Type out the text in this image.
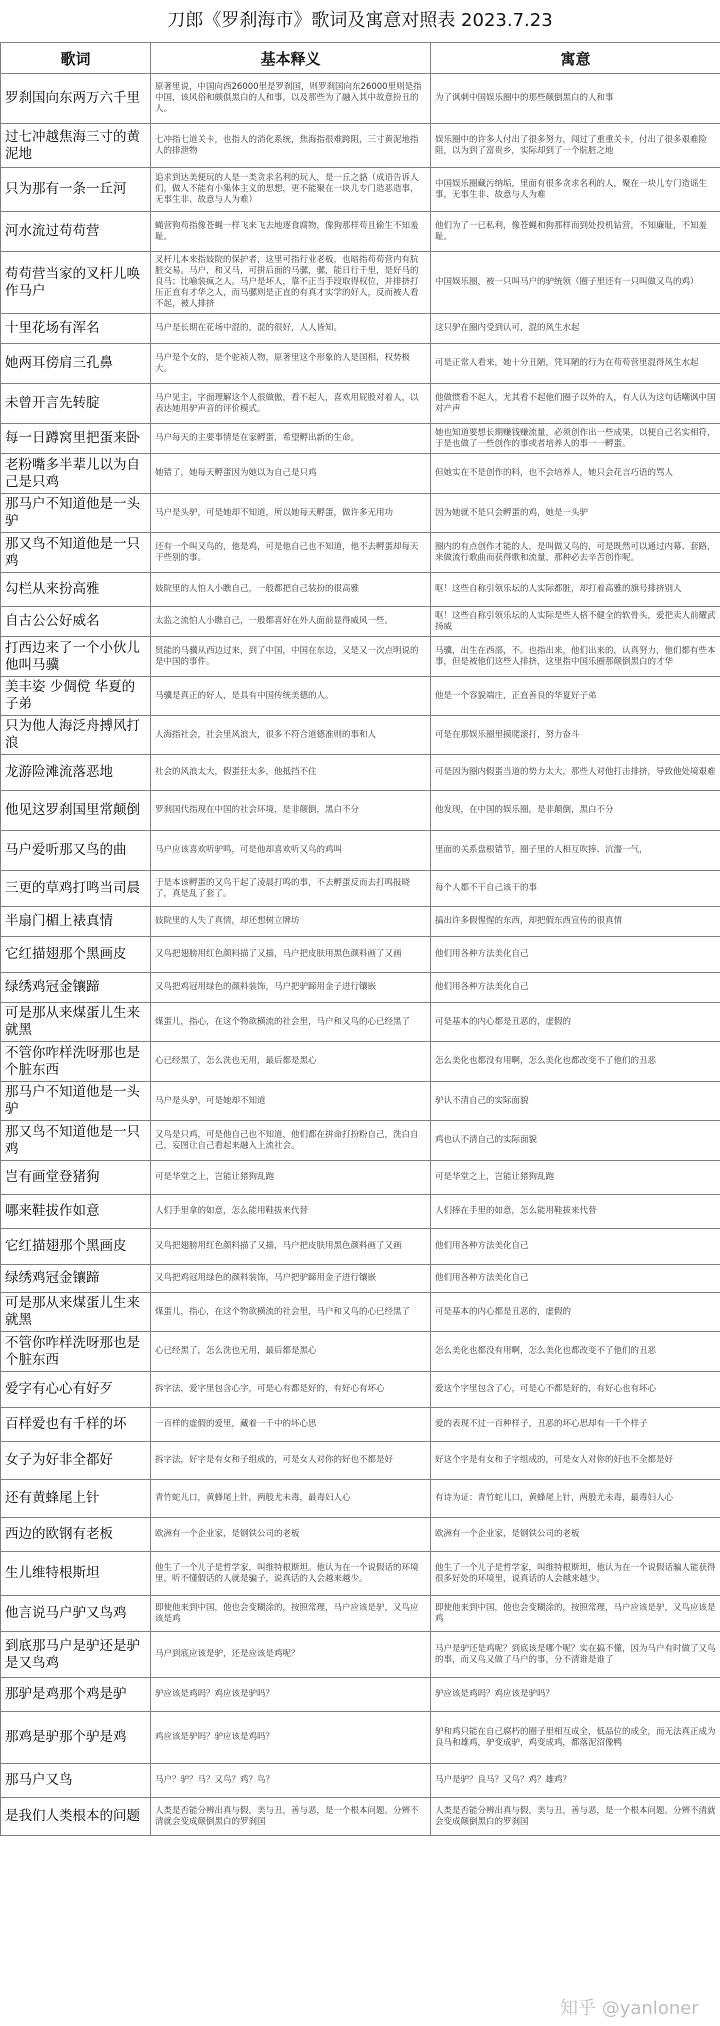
刀郎《罗刹海市》歌词及寓意对照表 2023.7.23
歌词	基本释义	寓意
罗刹国向东两万六千里	原著里说，中国向西26000里是罗刹国，则罗刹国向东26000里则是指中国，该风俗和颇俱黑白的人和事，以及那些为了融入其中故意扮丑的人。	为了讽刺中国娱乐圈中的那些颠倒黑白的人和事
过七冲越焦海三寸的黄泥地	七冲指七道关卡，也指人的消化系统，焦海指很难跨阻，三寸黄泥地指人的排泄物	娱乐圈中的许多人付出了很多努力，闯过了重重关卡，付出了很多艰难险阻，以为到了富贵乡，实际却到了一个肮脏之地
只为那有一条一丘河	追求到达美便玩的人是一类贪求名利的玩人，是一丘之貉（成语告诉人们，做人不能有小集体主义的思想，更不能聚在一块儿专门造恶造事，无事生非、故意与人为难）	中国娱乐圈藏污纳垢，里面有很多贪求名利的人，聚在一块儿专门造谣生事，无事生非、故意与人为难
河水流过苟苟营	蝇营狗苟指像苍蝇一样飞来飞去地逐食腐物，像狗那样苟且偷生不知羞耻。	他们为了一已私利，像苍蝇和狗那样而到处投机钻营，不知廉耻，不知羞耻。
苟苟营当家的叉杆儿唤作马户	叉杆儿本来指妓院的保护者，这里可指行业老板，也暗指苟苟营内有肮脏交易。马户，和又马，可拼后面的马骡，骡，能日行千里，是好马的良马；比喻装疯之人。马户是坏人，靠不正当手段取得权位，并排挤打压正直有才华之人，而马骡则是正直的有真才实学的好人，反而被人看不起，被人排挤	中国娱乐圈，被一只叫马户的驴统领（圈子里还有一只叫做又鸟的鸡）
十里花场有浑名	马户是长期在花场中混的，混的很好，人人皆知。	这只驴在圈内受到认可，混的风生水起
她两耳傍肩三孔鼻	马户是个女的，是个驼祯人物，原著里这个形象的人是国相，权势极大。	可是正常人看来，她十分丑陋，凭耳陋的行为在苟苟营里混得风生水起
未曾开言先转腚	马户见主，字面理解这个人很做傲，看不起人，喜欢用屁股对着人，以表达她用驴声音的评价模式。	他做惯看不起人，尤其看不起他们圈子以外的人，有人认为这句话嘲讽中国对产声
每一日蹲窝里把蛋来卧	马户每天的主要事情是在家孵蛋，希望孵出新的生命。	她也知道要想长期赚钱赚流量，必须创作出一些成果，以便自己名实相符，于是也做了一些创作的事或者培养人的事一一孵蛋。
老粉嘴多半辈儿以为自己是只鸡	她错了，她每天孵蛋因为她以为自己是只鸡	但她实在不是创作的料，也不会培养人，她只会花言巧语的骂人
那马户不知道他是一头驴	马户是头驴，可是她却不知道，所以她每天孵蛋，做许多无用功	因为她就不是只会孵蛋的鸡，她是一头驴
那又鸟不知道他是一只鸡	还有一个叫又鸟的，他是鸡，可是他自己也不知道，他不去孵蛋却每天干些别的事。	圈内的有点创作才能的人，是叫做又鸟的，可是既然可以通过内幕、套路，来做流行歌曲而获得歌和流量，那种必去辛苦创作呢。
勾栏从来扮高雅	妓院里的人怕人小瞧自己，一般都把自己装扮的很高雅	呕！这些自称引领乐坛的人实际都脏，却打着高雅的旗号排挤别人
自古公公好威名	太监之流怕人小瞧自己，一般都喜好在外人面前显得威风一些。	呕！这些自称引领乐坛的人实际是些人格不健全的软骨头，爱把卖人前耀武扬威
打西边来了一个小伙儿他叫马骥	贤能的马骥从西边过来，到了中国，中国在东边，又是又一次点明说的是中国的事件。	马骥，出生在西部，不。也指出来，他们出来的，认真努力，他们都有些本事，但是被他们这些人排挤，这里指中国乐圈那颠倒黑白的才华
美丰姿 少倜傥 华夏的子弟	马骥是真正的好人，是具有中国传统美德的人。	他是一个容貌端庄，正直善良的华夏好子弟
只为他人海泛舟搏风打浪	人海指社会，社会里风浪大，很多不符合道德准则的事和人	可是在那娱乐圈里摸爬滚打，努力奋斗
龙游险滩流落恶地	社会的风浪太大，假蛋狂太多，他抵挡不住	可是因为圈内假蛋当道的势力太大，那些人对他打击排挤，导致他处境艰难
他见这罗刹国里常颠倒	罗刹国代指现在中国的社会环境，是非颠倒，黑白不分	他发现，在中国的娱乐圈，是非颠倒，黑白不分
马户爱听那又鸟的曲	马户应该喜欢听驴鸣，可是他却喜欢听又鸟的鸡叫	里面的关系盘根错节，圈子里的人相互吹捧、沆瀣一气，
三更的草鸡打鸣当司晨	于是本该孵蛋的又鸟干起了凌晨打鸣的事，不去孵蛋反而去打鸣报晓了，真是乱了套了。	每个人都不干自己该干的事
半扇门楣上裱真情	妓院里的人失了真情，却还想树立牌坊	搞出许多假惺惺的东西，却把假东西宣传的很真情
它红描翅那个黑画皮	又鸟把翅膀用红色颜料描了又描，马户把皮肤用黑色颜料画了又画	他们用各种方法美化自己
绿绣鸡冠金镶蹄	又鸟把鸡冠用绿色的颜料装饰，马户把驴蹄用金子进行镶嵌	他们用各种方法美化自己
可是那从来煤蛋儿生来就黑	煤蛋儿，指心，在这个物欲横流的社会里，马户和又鸟的心已经黑了	可是基本的内心都是丑恶的，虚假的
不管你咋样洗呀那也是个脏东西	心已经黑了，怎么洗也无用，最后都是黑心	怎么美化也都没有用啊，怎么美化也都改变不了他们的丑恶
那马户不知道他是一头驴	马户是头驴，可是她却不知道	驴认不清自己的实际面貌
那又鸟不知道他是一只鸡	又鸟是只鸡，可是他自己也不知道，他们都在拼命打扮粉自己，洗白自己，妄图让自己看起来融入上流社会。	鸡也认不清自己的实际面貌
岂有画堂登猪狗	可是华堂之上，岂能让猪狗乱跑	可是华堂之上，岂能让猪狗乱跑
哪来鞋拔作如意	人们手里拿的如意，怎么能用鞋拔来代替	人们捧在手里的如意，怎么能用鞋拔来代替
它红描翅那个黑画皮	又鸟把翅膀用红色颜料描了又描，马户把皮肤用黑色颜料画了又画	他们用各种方法美化自己
绿绣鸡冠金镶蹄	又鸟把鸡冠用绿色的颜料装饰，马户把驴蹄用金子进行镶嵌	他们用各种方法美化自己
可是那从来煤蛋儿生来就黑	煤蛋儿，指心，在这个物欲横流的社会里，马户和又鸟的心已经黑了	可是基本的内心都是丑恶的，虚假的
不管你咋样洗呀那也是个脏东西	心已经黑了，怎么洗也无用，最后都是黑心	怎么美化也都没有用啊，怎么美化也都改变不了他们的丑恶
爱字有心心有好歹	拆字法，爱字里包含心字，可是心有都是好的，有好心有坏心	爱这个字里包含了心，可是心不都是好的，有好心也有坏心
百样爱也有千样的坏	一百样的虚假的爱里，藏着一千中的坏心思	爱的表现不过一百种样子，丑恶的坏心思却有一千个样子
女子为好非全都好	拆字法，好字是有女和子组成的，可是女人对你的好也不都是好	好这个字是有女和子字组成的，可是女人对你的好也不全都是好
还有黄蜂尾上针	青竹蛇儿口，黄蜂尾上针，两般尤未毒，最毒妇人心	有诗为证：青竹蛇儿口，黄蜂尾上针，两般尤未毒，最毒妇人心
西边的欧钢有老板	欧洲有一个企业家，是钢铁公司的老板	欧洲有一个企业家，是钢铁公司的老板
生儿维特根斯坦	他生了一个儿子是哲学家，叫维特根斯坦。他认为在一个说假话的环境里，听不懂假话的人就是骗子，说真话的人会越来越少。	他生了一个儿子是哲学家，叫维特根斯坦，他认为在一个说假话骗人能获得很多好处的环境里，说真话的人会越来越少。
他言说马户驴又鸟鸡	即使他来到中国，他也会变糊涂的，按照常理，马户应该是驴，又鸟应该是鸡	即使他来到中国，他也会变糊涂的，按照常理，马户应该是驴，又鸟应该是鸡
到底那马户是驴还是驴是又鸟鸡	马户到底应该是驴，还是应该是鸡呢？	马户是驴还是鸡呢？到底该是哪个呢？实在搞不懂，因为马户有时做了又鸟的事，而又鸟又做了马户的事，分不清谁是谁了
那驴是鸡那个鸡是驴	驴应该是鸡吗？鸡应该是驴吗？	驴应该是鸡吗？鸡应该是驴吗？
那鸡是驴那个驴是鸡	鸡应该是驴吗？驴应该是鸡吗？	驴和鸡只能在自己腐朽的圈子里相互成全，低品位的成全，而无法真正成为良马和雄鸡，驴变成驴，鸡变成鸡，都落泥沼像鸭
那马户又鸟	马户？驴？马？又鸟？鸡？鸟？	马户是驴？良马？又鸟？鸡？雄鸡？
是我们人类根本的问题	人类是否能分辨出真与假，美与丑，善与恶，是一个根本问题。分辨不清就会变成颠倒黑白的罗刹国	人类是否能分辨出真与假，美与丑，善与恶，是一个根本问题。分辨不清就会变成颠倒黑白的罗刹国
知乎 @yanloner
